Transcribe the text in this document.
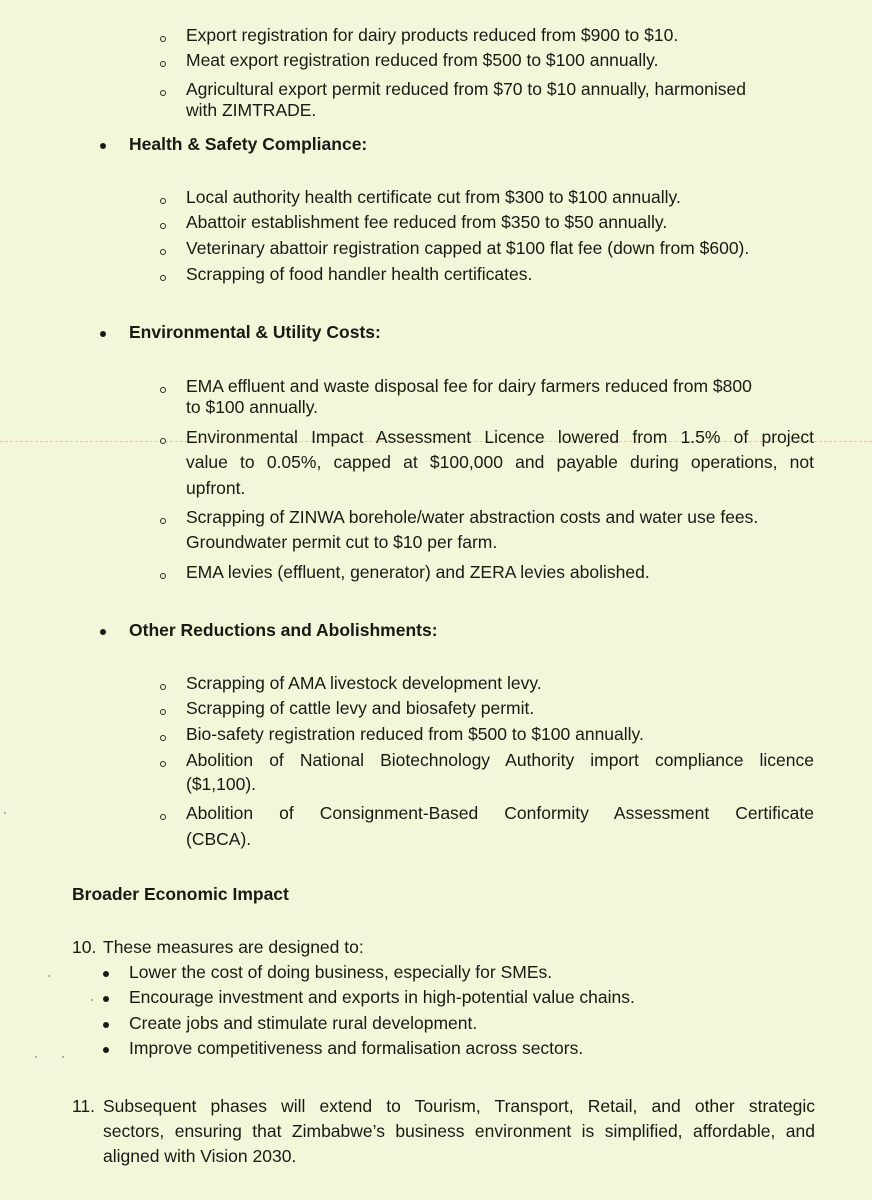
Export registration for dairy products reduced from $900 to $10.
Meat export registration reduced from $500 to $100 annually.
Agricultural export permit reduced from $70 to $10 annually, harmonised
with ZIMTRADE.
Health & Safety Compliance:
Local authority health certificate cut from $300 to $100 annually.
Abattoir establishment fee reduced from $350 to $50 annually.
Veterinary abattoir registration capped at $100 flat fee (down from $600).
Scrapping of food handler health certificates.
Environmental & Utility Costs:
EMA effluent and waste disposal fee for dairy farmers reduced from $800
to $100 annually.
Environmental Impact Assessment Licence lowered from 1.5% of project
value to 0.05%, capped at $100,000 and payable during operations, not
upfront.
Scrapping of ZINWA borehole/water abstraction costs and water use fees.
Groundwater permit cut to $10 per farm.
EMA levies (effluent, generator) and ZERA levies abolished.
Other Reductions and Abolishments:
Scrapping of AMA livestock development levy.
Scrapping of cattle levy and biosafety permit.
Bio-safety registration reduced from $500 to $100 annually.
Abolition of National Biotechnology Authority import compliance licence
($1,100).
Abolition of Consignment-Based Conformity Assessment Certificate
(CBCA).
Broader Economic Impact
10. These measures are designed to:
Lower the cost of doing business, especially for SMEs.
Encourage investment and exports in high-potential value chains.
Create jobs and stimulate rural development.
Improve competitiveness and formalisation across sectors.
11. Subsequent phases will extend to Tourism, Transport, Retail, and other strategic
sectors, ensuring that Zimbabwe’s business environment is simplified, affordable, and
aligned with Vision 2030.
